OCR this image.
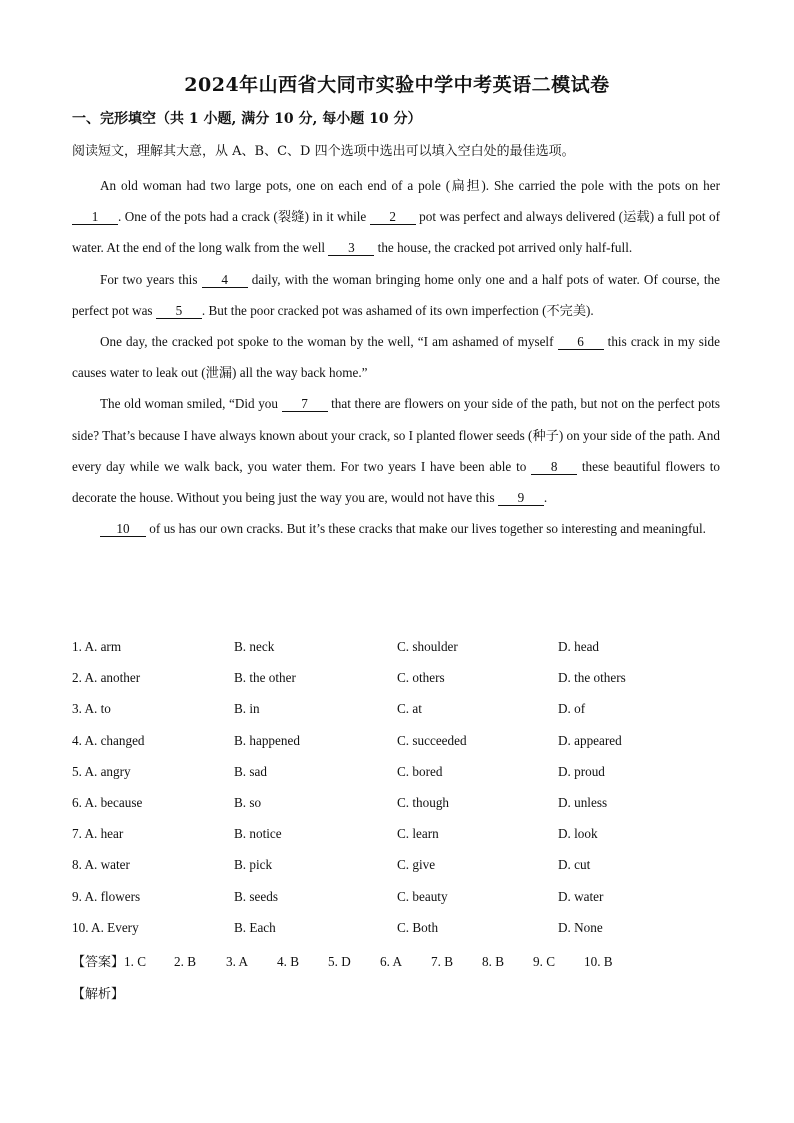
2024年山西省大同市实验中学中考英语二模试卷
一、完形填空（共 1 小题, 满分 10 分, 每小题 10 分）
阅读短文，理解其大意，从 A、B、C、D 四个选项中选出可以填入空白处的最佳选项。

An old woman had two large pots, one on each end of a pole (扁担). She carried the pole with the pots on her 1 . One of the pots had a crack (裂缝) in it while 2 pot was perfect and always delivered (运载) a full pot of water. At the end of the long walk from the well 3 the house, the cracked pot arrived only half-full.

For two years this 4 daily, with the woman bringing home only one and a half pots of water. Of course, the perfect pot was 5 . But the poor cracked pot was ashamed of its own imperfection (不完美).

One day, the cracked pot spoke to the woman by the well, “I am ashamed of myself 6 this crack in my side causes water to leak out (泄漏) all the way back home.”

The old woman smiled, “Did you 7 that there are flowers on your side of the path, but not on the perfect pots side? That’s because I have always known about your crack, so I planted flower seeds (种子) on your side of the path. And every day while we walk back, you water them. For two years I have been able to 8 these beautiful flowers to decorate the house. Without you being just the way you are, would not have this 9 .

10 of us has our own cracks. But it’s these cracks that make our lives together so interesting and meaningful.

1. A. arm	B. neck	C. shoulder	D. head
2. A. another	B. the other	C. others	D. the others
3. A. to	B. in	C. at	D. of
4. A. changed	B. happened	C. succeeded	D. appeared
5. A. angry	B. sad	C. bored	D. proud
6. A. because	B. so	C. though	D. unless
7. A. hear	B. notice	C. learn	D. look
8. A. water	B. pick	C. give	D. cut
9. A. flowers	B. seeds	C. beauty	D. water
10. A. Every	B. Each	C. Both	D. None
【答案】1. C 2. B 3. A 4. B 5. D 6. A 7. B 8. B 9. C 10. B
【解析】
